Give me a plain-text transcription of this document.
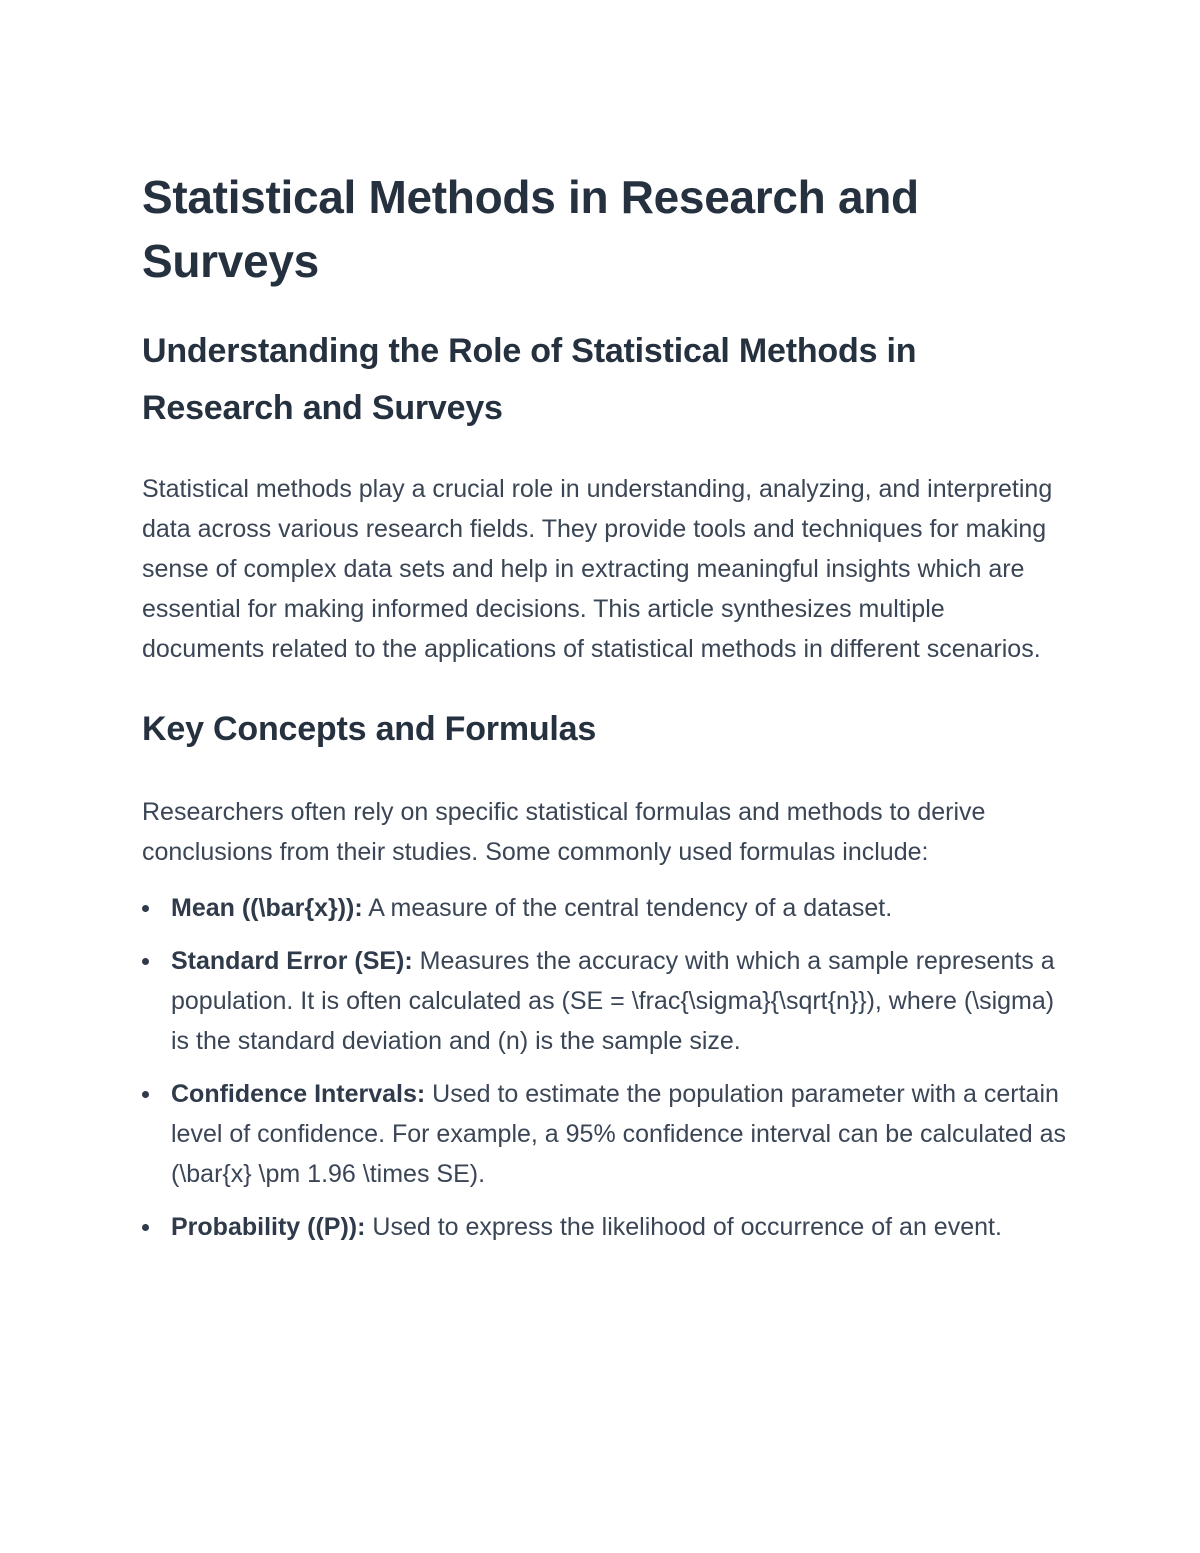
Statistical Methods in Research and Surveys
Understanding the Role of Statistical Methods in Research and Surveys

Statistical methods play a crucial role in understanding, analyzing, and interpreting data across various research fields. They provide tools and techniques for making sense of complex data sets and help in extracting meaningful insights which are essential for making informed decisions. This article synthesizes multiple documents related to the applications of statistical methods in different scenarios.

Key Concepts and Formulas

Researchers often rely on specific statistical formulas and methods to derive conclusions from their studies. Some commonly used formulas include:

Mean ((\bar{x})): A measure of the central tendency of a dataset.
Standard Error (SE): Measures the accuracy with which a sample represents a population. It is often calculated as (SE = \frac{\sigma}{\sqrt{n}}), where (\sigma) is the standard deviation and (n) is the sample size.
Confidence Intervals: Used to estimate the population parameter with a certain level of confidence. For example, a 95% confidence interval can be calculated as (\bar{x} \pm 1.96 \times SE).
Probability ((P)): Used to express the likelihood of occurrence of an event.
